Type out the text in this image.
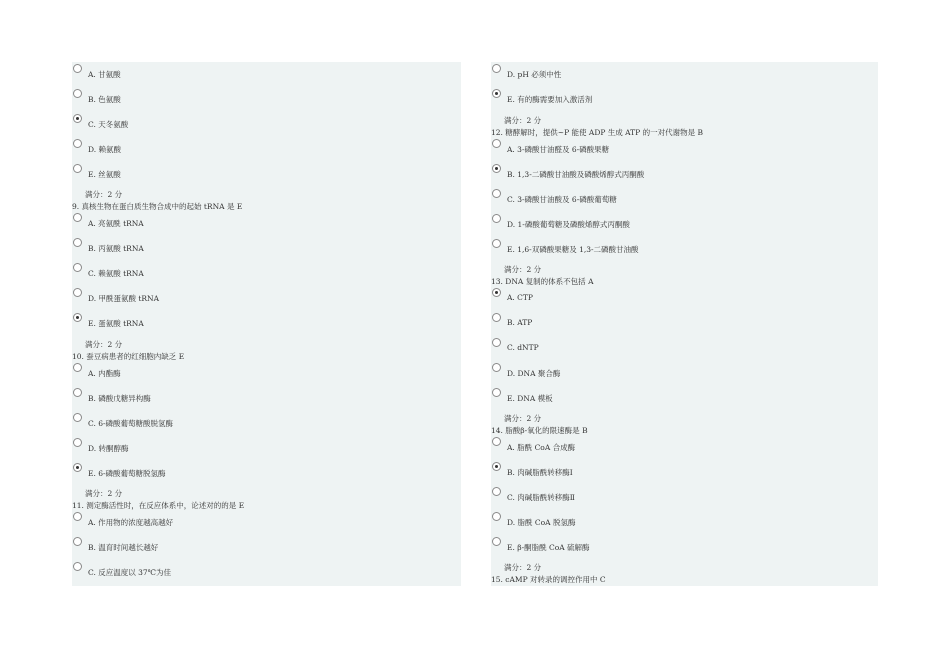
A. 甘氨酸
B. 色氨酸
C. 天冬氨酸
D. 赖氨酸
E. 丝氨酸
满分：2 分
9. 真核生物在蛋白质生物合成中的起始 tRNA 是 E
A. 亮氨酰 tRNA
B. 丙氨酸 tRNA
C. 赖氨酸 tRNA
D. 甲酰蛋氨酸 tRNA
E. 蛋氨酸 tRNA
满分：2 分
10. 蚕豆病患者的红细胞内缺乏 E
A. 内酯酶
B. 磷酸戊糖异构酶
C. 6-磷酸葡萄糖酸脱氢酶
D. 转酮醇酶
E. 6-磷酸葡萄糖脱氢酶
满分：2 分
11. 测定酶活性时，在反应体系中，论述对的的是 E
A. 作用物的浓度越高越好
B. 温育时间越长越好
C. 反应温度以 37℃为佳
D. pH 必须中性
E. 有的酶需要加入激活剂
满分：2 分
12. 糖酵解时，提供~P 能使 ADP 生成 ATP 的一对代谢物是 B
A. 3-磷酸甘油醛及 6-磷酸果糖
B. 1,3-二磷酸甘油酸及磷酸烯醇式丙酮酸
C. 3-磷酸甘油酸及 6-磷酸葡萄糖
D. 1-磷酸葡萄糖及磷酸烯醇式丙酮酸
E. 1,6-双磷酸果糖及 1,3-二磷酸甘油酸
满分：2 分
13. DNA 复制的体系不包括 A
A. CTP
B. ATP
C. dNTP
D. DNA 聚合酶
E. DNA 模板
满分：2 分
14. 脂酸β-氧化的限速酶是 B
A. 脂酰 CoA 合成酶
B. 肉碱脂酰转移酶Ⅰ
C. 肉碱脂酰转移酶Ⅱ
D. 脂酰 CoA 脱氢酶
E. β-酮脂酰 CoA 硫解酶
满分：2 分
15. cAMP 对转录的调控作用中 C
